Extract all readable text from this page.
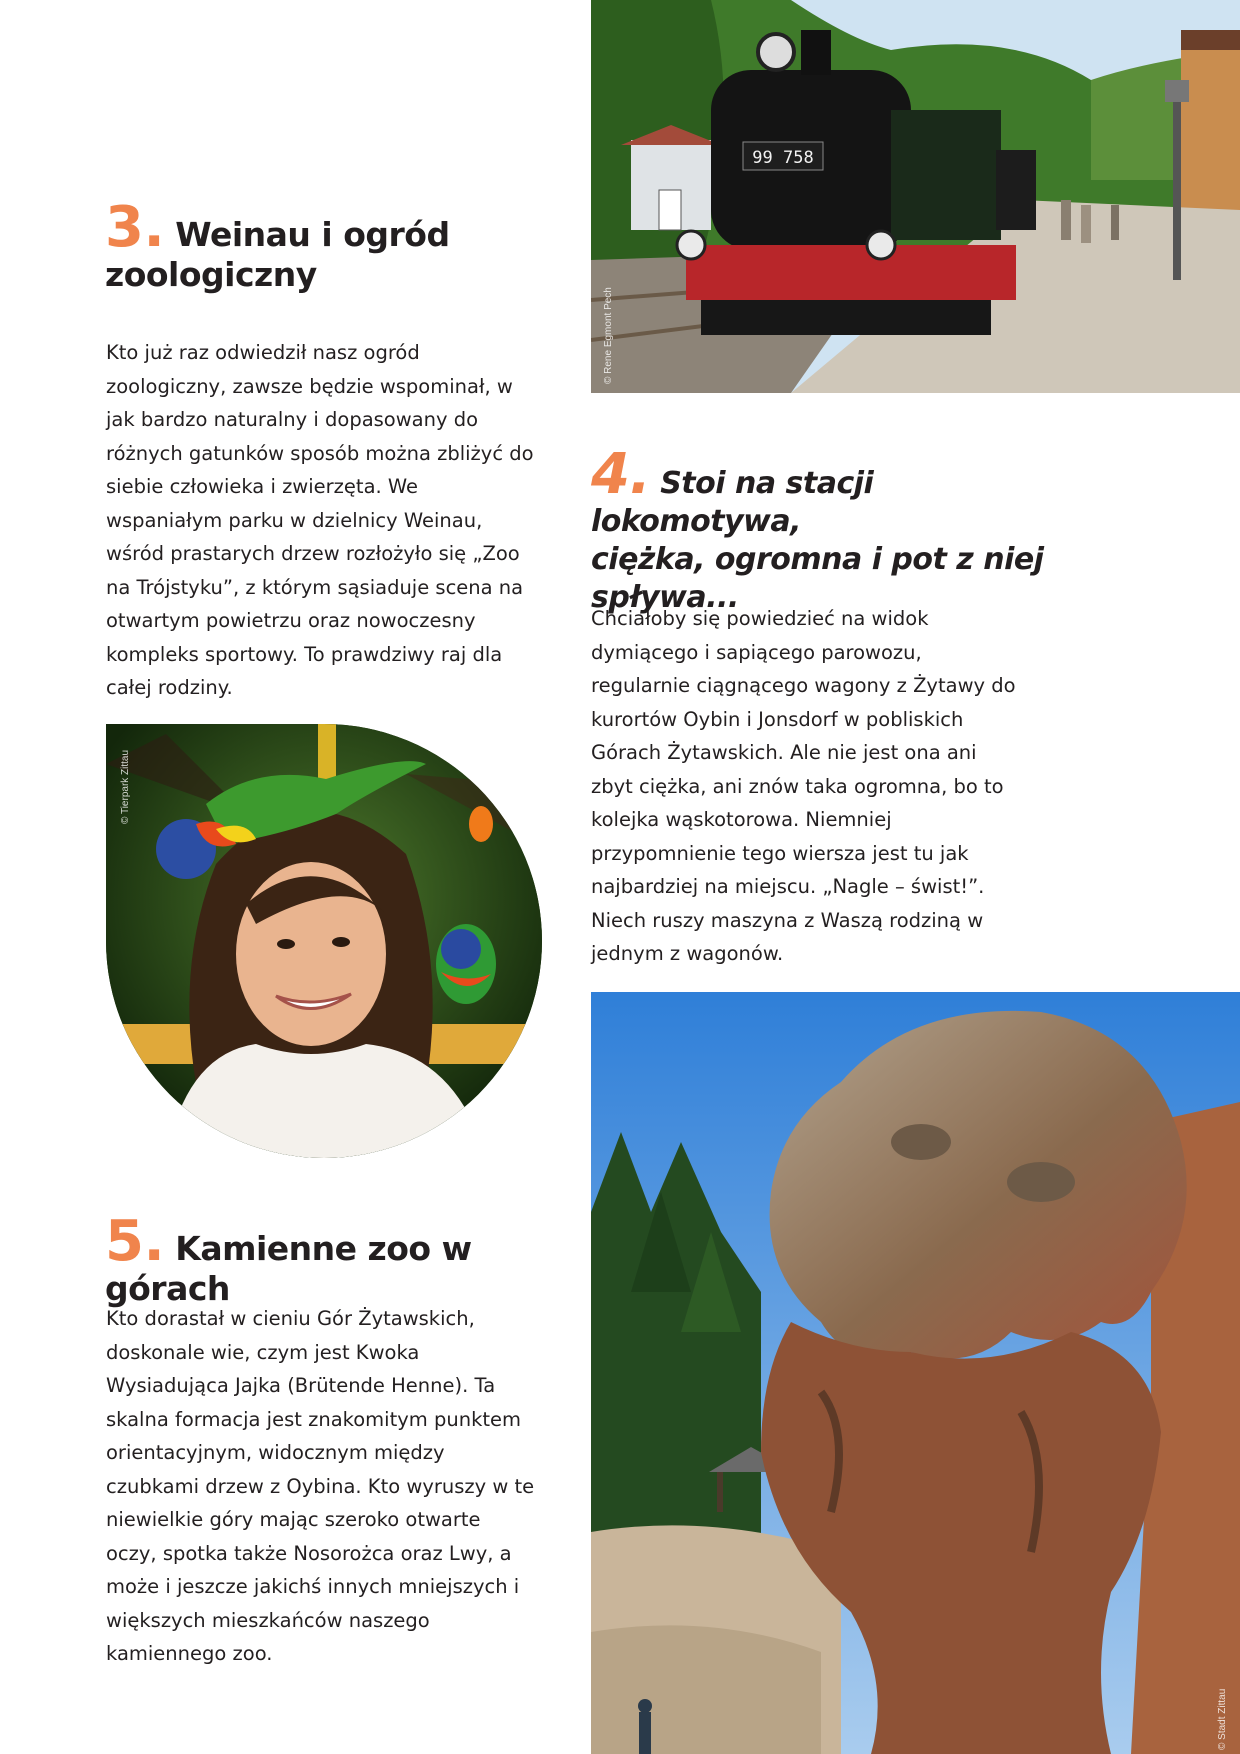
3. Weinau i ogród
zoologiczny

Kto już raz odwiedził nasz ogród zoologiczny, zawsze będzie wspominał, w jak bardzo naturalny i dopasowany do różnych gatunków sposób można zbliżyć do siebie człowieka i zwierzęta. We wspaniałym parku w dzielnicy Weinau, wśród prastarych drzew rozłożyło się „Zoo na Trójstyku”, z którym sąsiaduje scena na otwartym powietrzu oraz nowoczesny kompleks sportowy. To prawdziwy raj dla całej rodziny.

© Tierpark Zittau
99 758
© Rene Egmont Pech
4. Stoi na stacji lokomotywa,
ciężka, ogromna i pot z niej
spływa...

Chciałoby się powiedzieć na widok dymiącego i sapiącego parowozu, regularnie ciągnącego wagony z Żytawy do kurortów Oybin i Jonsdorf w pobliskich Górach Żytawskich. Ale nie jest ona ani zbyt ciężka, ani znów taka ogromna, bo to kolejka wąskotorowa. Niemniej przypomnienie tego wiersza jest tu jak najbardziej na miejscu. „Nagle – świst!”. Niech ruszy maszyna z Waszą rodziną w jednym z wagonów.

5. Kamienne zoo w górach

Kto dorastał w cieniu Gór Żytawskich, doskonale wie, czym jest Kwoka Wysiadująca Jajka (Brütende Henne). Ta skalna formacja jest znakomitym punktem orientacyjnym, widocznym między czubkami drzew z Oybina. Kto wyruszy w te niewielkie góry mając szeroko otwarte oczy, spotka także Nosorożca oraz Lwy, a może i jeszcze jakichś innych mniejszych i większych mieszkańców naszego kamiennego zoo.

© Stadt Zittau
